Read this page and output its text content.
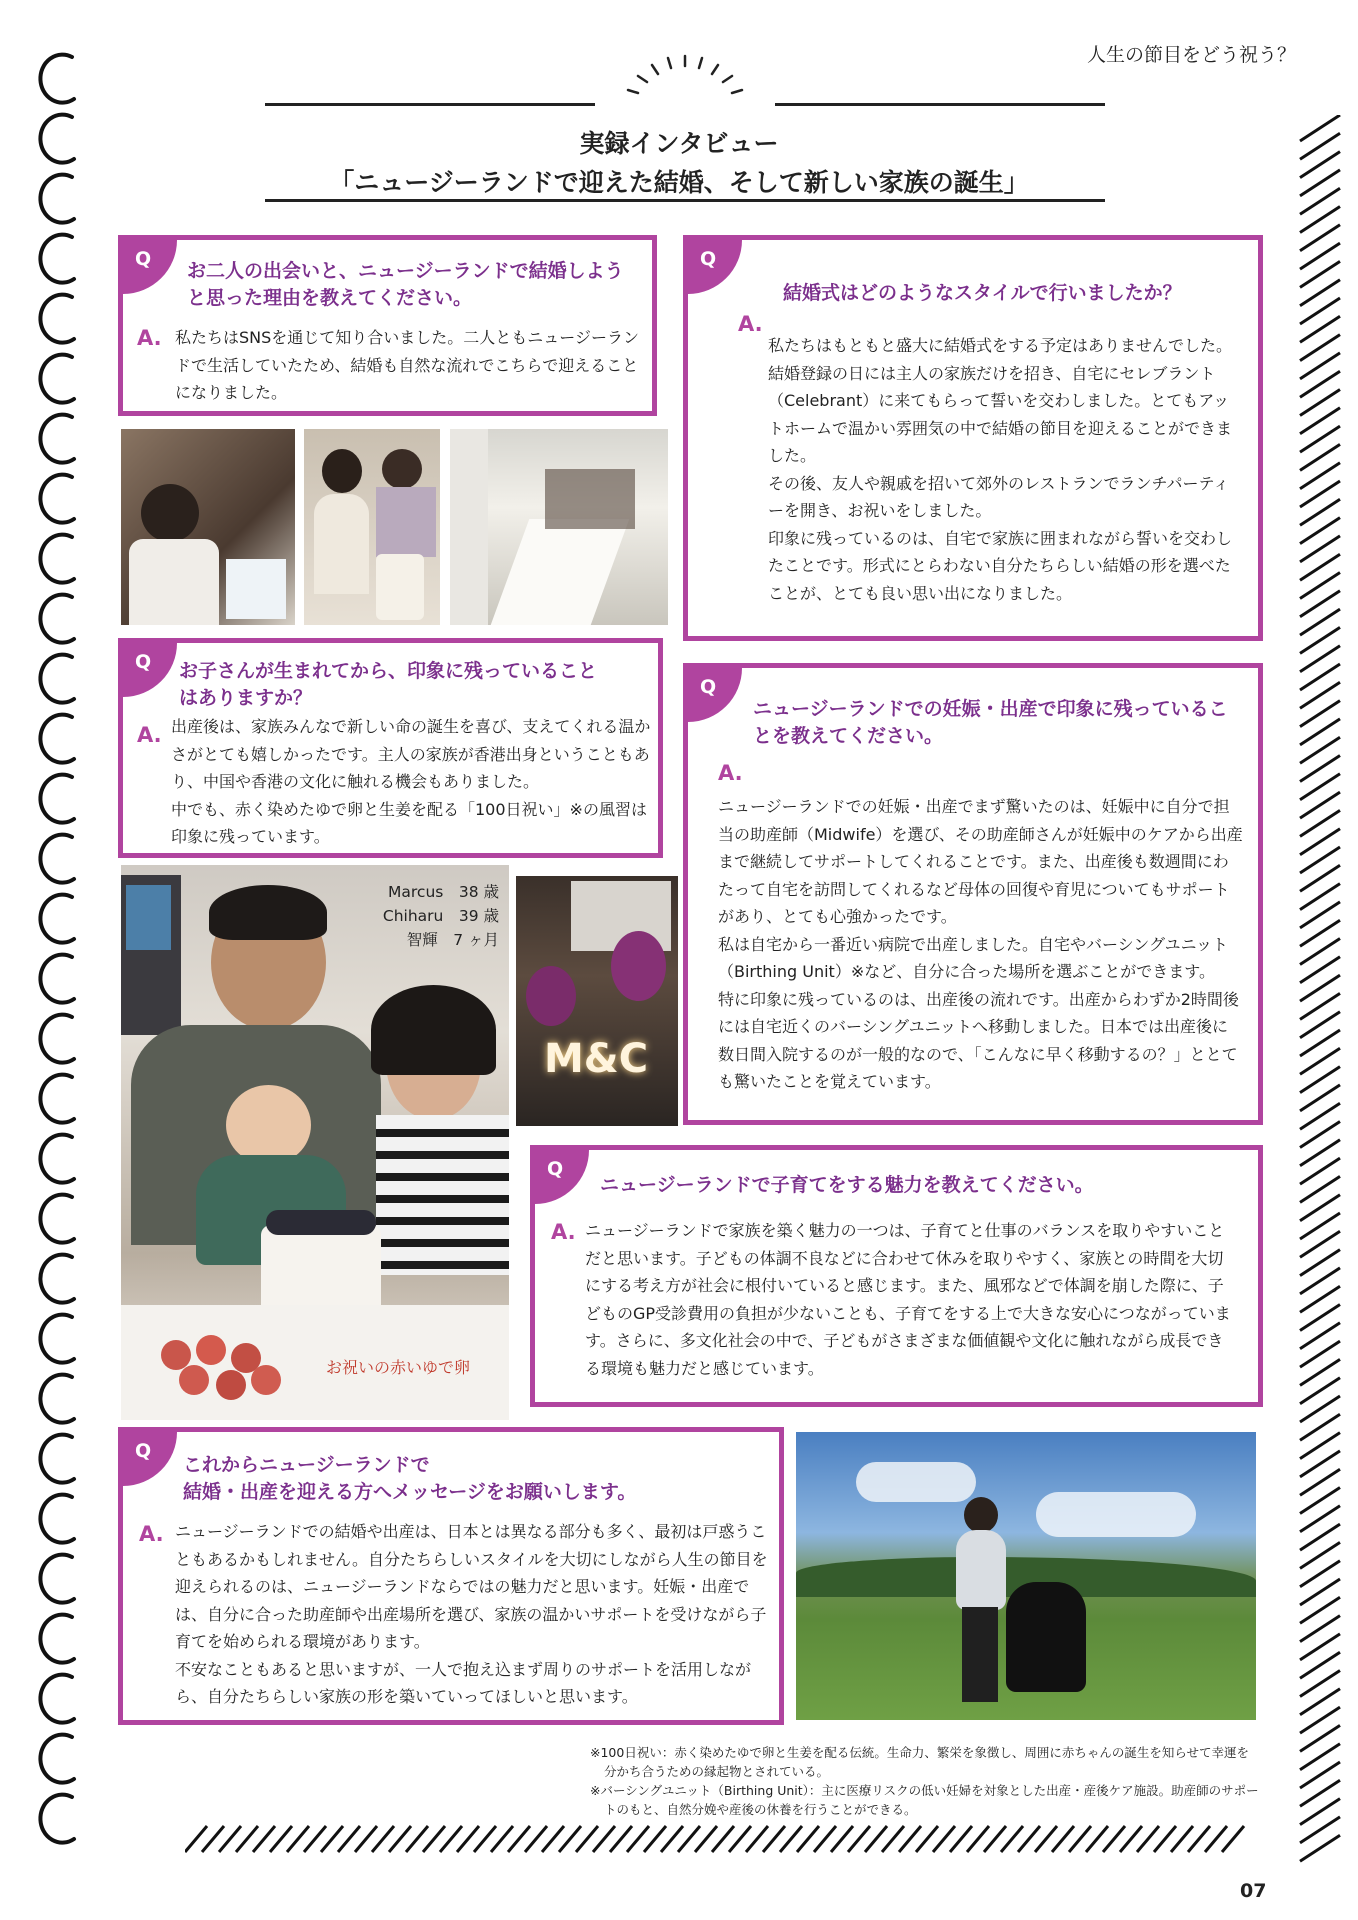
人生の節目をどう祝う？
実録インタビュー
「ニュージーランドで迎えた結婚、そして新しい家族の誕生」
Q
お二人の出会いと、ニュージーランドで結婚しようと思った理由を教えてください。
A. 私たちはSNSを通じて知り合いました。二人ともニュージーランドで生活していたため、結婚も自然な流れでこちらで迎えることになりました。
Q
結婚式はどのようなスタイルで行いましたか？
A.
私たちはもともと盛大に結婚式をする予定はありませんでした。結婚登録の日には主人の家族だけを招き、自宅にセレブラント（Celebrant）に来てもらって誓いを交わしました。とてもアットホームで温かい雰囲気の中で結婚の節目を迎えることができました。
その後、友人や親戚を招いて郊外のレストランでランチパーティーを開き、お祝いをしました。
印象に残っているのは、自宅で家族に囲まれながら誓いを交わしたことです。形式にとらわない自分たちらしい結婚の形を選べたことが、とても良い思い出になりました。
Q	お子さんが生まれてから、印象に残っていることはありますか？
A. 出産後は、家族みんなで新しい命の誕生を喜び、支えてくれる温かさがとても嬉しかったです。主人の家族が香港出身ということもあり、中国や香港の文化に触れる機会もありました。
中でも、赤く染めたゆで卵と生姜を配る「100日祝い」※の風習は印象に残っています。
Q
ニュージーランドでの妊娠・出産で印象に残っていることを教えてください。
A.
ニュージーランドでの妊娠・出産でまず驚いたのは、妊娠中に自分で担当の助産師（Midwife）を選び、その助産師さんが妊娠中のケアから出産まで継続してサポートしてくれることです。また、出産後も数週間にわたって自宅を訪問してくれるなど母体の回復や育児についてもサポートがあり、とても心強かったです。
私は自宅から一番近い病院で出産しました。自宅やバーシングユニット（Birthing Unit）※など、自分に合った場所を選ぶことができます。
特に印象に残っているのは、出産後の流れです。出産からわずか2時間後には自宅近くのバーシングユニットへ移動しました。日本では出産後に数日間入院するのが一般的なので、「こんなに早く移動するの？」ととても驚いたことを覚えています。
Marcus　38 歳
Chiharu　39 歳
智輝　7 ヶ月
お祝いの赤いゆで卵
M&C
Q
ニュージーランドで子育てをする魅力を教えてください。
A. ニュージーランドで家族を築く魅力の一つは、子育てと仕事のバランスを取りやすいことだと思います。子どもの体調不良などに合わせて休みを取りやすく、家族との時間を大切にする考え方が社会に根付いていると感じます。また、風邪などで体調を崩した際に、子どものGP受診費用の負担が少ないことも、子育てをする上で大きな安心につながっています。さらに、多文化社会の中で、子どもがさまざまな価値観や文化に触れながら成長できる環境も魅力だと感じています。
Q
これからニュージーランドで
結婚・出産を迎える方へメッセージをお願いします。
A. ニュージーランドでの結婚や出産は、日本とは異なる部分も多く、最初は戸惑うこともあるかもしれません。自分たちらしいスタイルを大切にしながら人生の節目を迎えられるのは、ニュージーランドならではの魅力だと思います。妊娠・出産では、自分に合った助産師や出産場所を選び、家族の温かいサポートを受けながら子育てを始められる環境があります。
不安なこともあると思いますが、一人で抱え込まず周りのサポートを活用しながら、自分たちらしい家族の形を築いていってほしいと思います。
※100日祝い：赤く染めたゆで卵と生姜を配る伝統。生命力、繁栄を象徴し、周囲に赤ちゃんの誕生を知らせて幸運を分かち合うための縁起物とされている。
※バーシングユニット（Birthing Unit）：主に医療リスクの低い妊婦を対象とした出産・産後ケア施設。助産師のサポートのもと、自然分娩や産後の休養を行うことができる。
07
